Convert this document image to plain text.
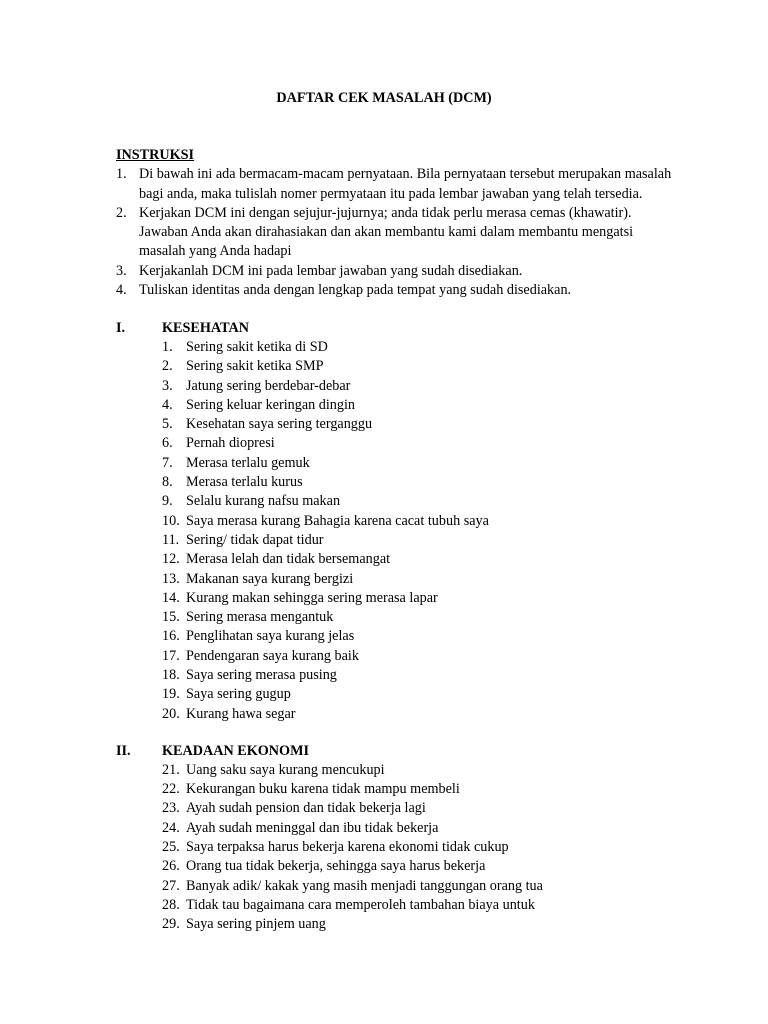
DAFTAR CEK MASALAH (DCM)
INSTRUKSI
1. Di bawah ini ada bermacam-macam pernyataan. Bila pernyataan tersebut merupakan masalah bagi anda, maka tulislah nomer permyataan itu pada lembar jawaban yang telah tersedia.
2. Kerjakan DCM ini dengan sejujur-jujurnya; anda tidak perlu merasa cemas (khawatir). Jawaban Anda akan dirahasiakan dan akan membantu kami dalam membantu mengatsi masalah yang Anda hadapi
3. Kerjakanlah DCM ini pada lembar jawaban yang sudah disediakan.
4. Tuliskan identitas anda dengan lengkap pada tempat yang sudah disediakan.
I.	KESEHATAN
1. Sering sakit ketika di SD
2. Sering sakit ketika SMP
3. Jatung sering berdebar-debar
4. Sering keluar keringan dingin
5. Kesehatan saya sering terganggu
6. Pernah diopresi
7. Merasa terlalu gemuk
8. Merasa terlalu kurus
9. Selalu kurang nafsu makan
10. Saya merasa kurang Bahagia karena cacat tubuh saya
11. Sering/ tidak dapat tidur
12. Merasa lelah dan tidak bersemangat
13. Makanan saya kurang bergizi
14. Kurang makan sehingga sering merasa lapar
15. Sering merasa mengantuk
16. Penglihatan saya kurang jelas
17. Pendengaran saya kurang baik
18. Saya sering merasa pusing
19. Saya sering gugup
20. Kurang hawa segar
II. KEADAAN EKONOMI
21. Uang saku saya kurang mencukupi
22. Kekurangan buku karena tidak mampu membeli
23. Ayah sudah pension dan tidak bekerja lagi
24. Ayah sudah meninggal dan ibu tidak bekerja
25. Saya terpaksa harus bekerja karena ekonomi tidak cukup
26. Orang tua tidak bekerja, sehingga saya harus bekerja
27. Banyak adik/ kakak yang masih menjadi tanggungan orang tua
28. Tidak tau bagaimana cara memperoleh tambahan biaya untuk
29. Saya sering pinjem uang
